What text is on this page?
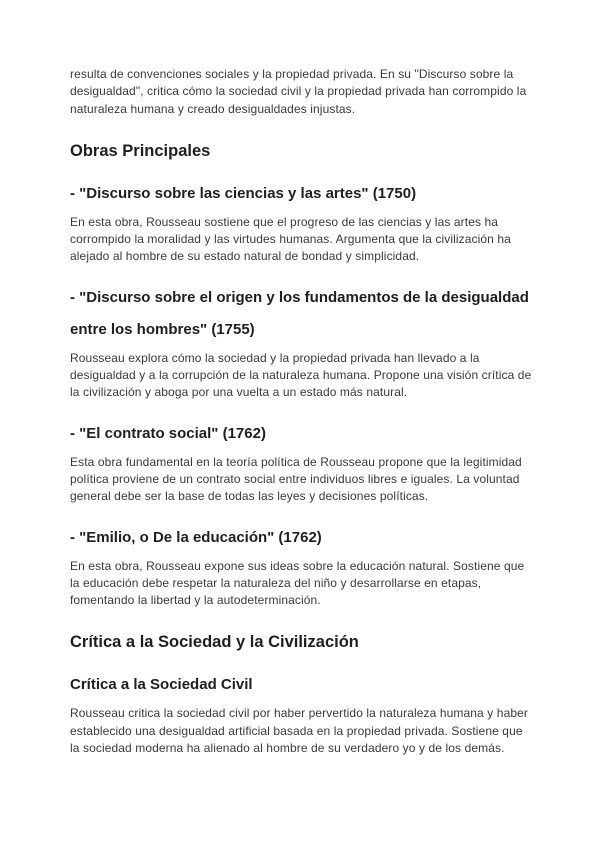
resulta de convenciones sociales y la propiedad privada. En su "Discurso sobre la desigualdad", critica cómo la sociedad civil y la propiedad privada han corrompido la naturaleza humana y creado desigualdades injustas.

Obras Principales
- "Discurso sobre las ciencias y las artes" (1750)

En esta obra, Rousseau sostiene que el progreso de las ciencias y las artes ha corrompido la moralidad y las virtudes humanas. Argumenta que la civilización ha alejado al hombre de su estado natural de bondad y simplicidad.

- "Discurso sobre el origen y los fundamentos de la desigualdad entre los hombres" (1755)

Rousseau explora cómo la sociedad y la propiedad privada han llevado a la desigualdad y a la corrupción de la naturaleza humana. Propone una visión crítica de la civilización y aboga por una vuelta a un estado más natural.

- "El contrato social" (1762)

Esta obra fundamental en la teoría política de Rousseau propone que la legitimidad política proviene de un contrato social entre individuos libres e iguales. La voluntad general debe ser la base de todas las leyes y decisiones políticas.

- "Emilio, o De la educación" (1762)

En esta obra, Rousseau expone sus ideas sobre la educación natural. Sostiene que la educación debe respetar la naturaleza del niño y desarrollarse en etapas, fomentando la libertad y la autodeterminación.

Crítica a la Sociedad y la Civilización
Crítica a la Sociedad Civil

Rousseau critica la sociedad civil por haber pervertido la naturaleza humana y haber establecido una desigualdad artificial basada en la propiedad privada. Sostiene que la sociedad moderna ha alienado al hombre de su verdadero yo y de los demás.
